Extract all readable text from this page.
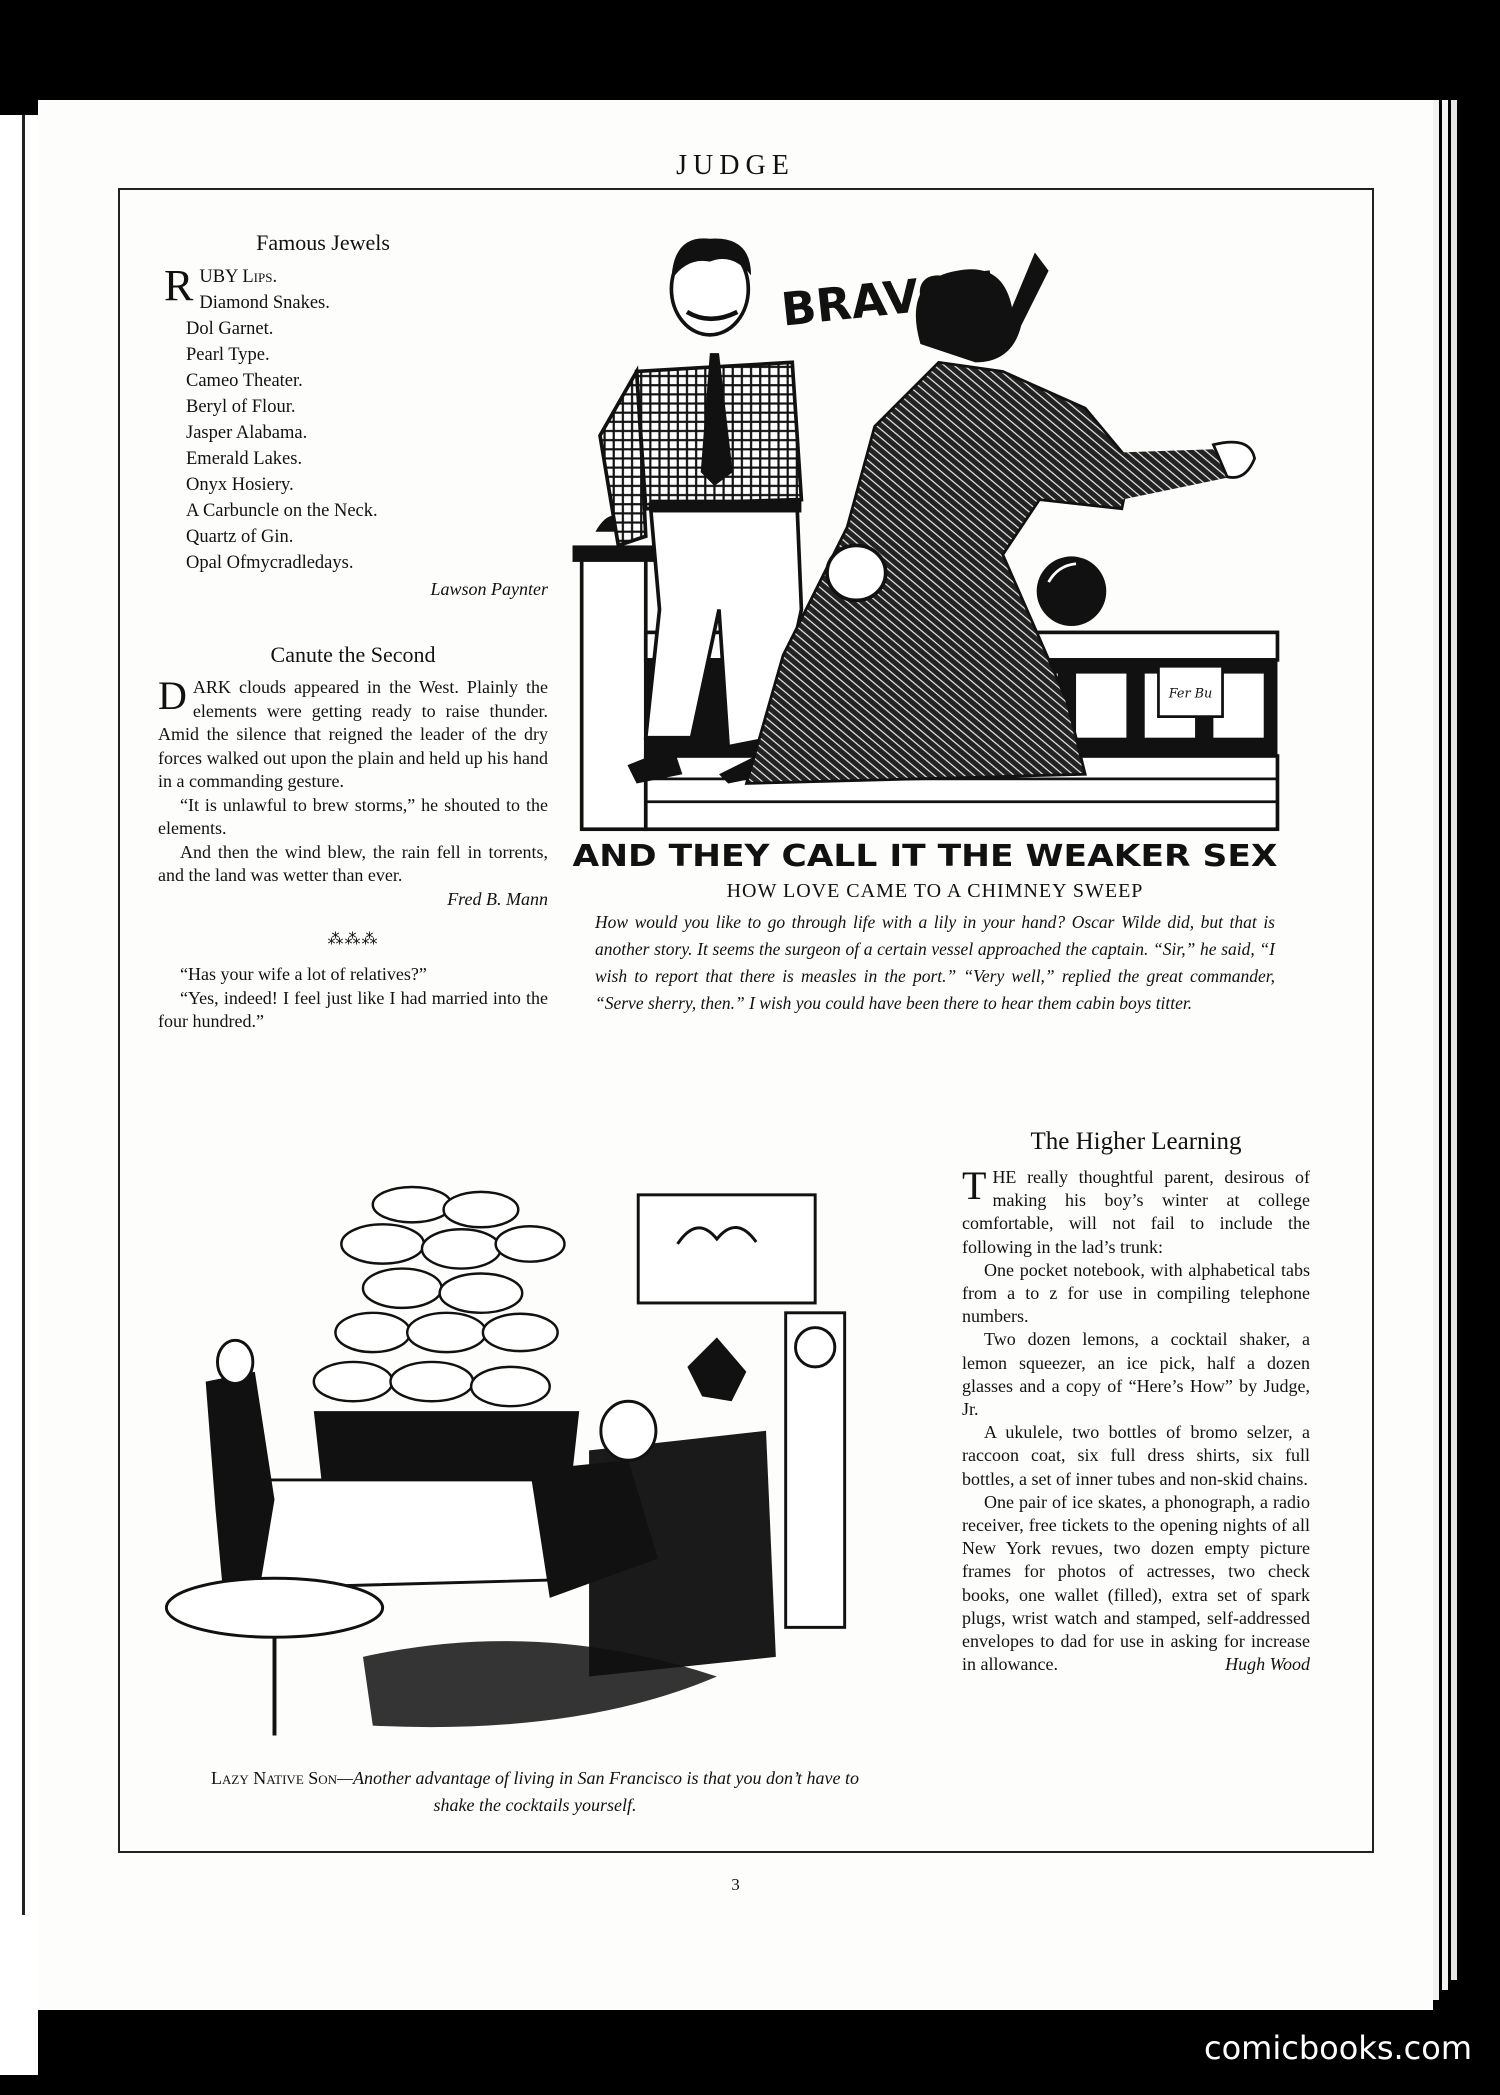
JUDGE
3
Famous Jewels
R UBY Lips.
Diamond Snakes.
Dol Garnet.
Pearl Type.
Cameo Theater.
Beryl of Flour.
Jasper Alabama.
Emerald Lakes.
Onyx Hosiery.
A Carbuncle on the Neck.
Quartz of Gin.
Opal Ofmycradledays.
Lawson Paynter
Canute the Second

DARK clouds appeared in the West. Plainly the elements were getting ready to raise thunder. Amid the silence that reigned the leader of the dry forces walked out upon the plain and held up his hand in a commanding gesture.

“It is unlawful to brew storms,” he shouted to the elements.

And then the wind blew, the rain fell in torrents, and the land was wetter than ever.

Fred B. Mann
⁂⁂⁂

“Has your wife a lot of relatives?”

“Yes, indeed! I feel just like I had married into the four hundred.”

Fer Bu
BRAVO!!
AND THEY CALL IT THE WEAKER SEX
HOW LOVE CAME TO A CHIMNEY SWEEP
How would you like to go through life with a lily in your hand? Oscar Wilde did, but that is another story. It seems the surgeon of a certain vessel approached the captain. “Sir,” he said, “I wish to report that there is measles in the port.” “Very well,” replied the great commander, “Serve sherry, then.” I wish you could have been there to hear them cabin boys titter.
Lazy Native Son—Another advantage of living in San Francisco is that you don’t have to shake the cocktails yourself.
The Higher Learning

THE really thoughtful parent, desirous of making his boy’s winter at college comfortable, will not fail to include the following in the lad’s trunk:

One pocket notebook, with alphabetical tabs from a to z for use in compiling telephone numbers.

Two dozen lemons, a cocktail shaker, a lemon squeezer, an ice pick, half a dozen glasses and a copy of “Here’s How” by Judge, Jr.

A ukulele, two bottles of bromo selzer, a raccoon coat, six full dress shirts, six full bottles, a set of inner tubes and non-skid chains.

One pair of ice skates, a phonograph, a radio receiver, free tickets to the opening nights of all New York revues, two dozen empty picture frames for photos of actresses, two check books, one wallet (filled), extra set of spark plugs, wrist watch and stamped, self-addressed envelopes to dad for use in asking for increase in allowance.	Hugh Wood
comicbooks.com
